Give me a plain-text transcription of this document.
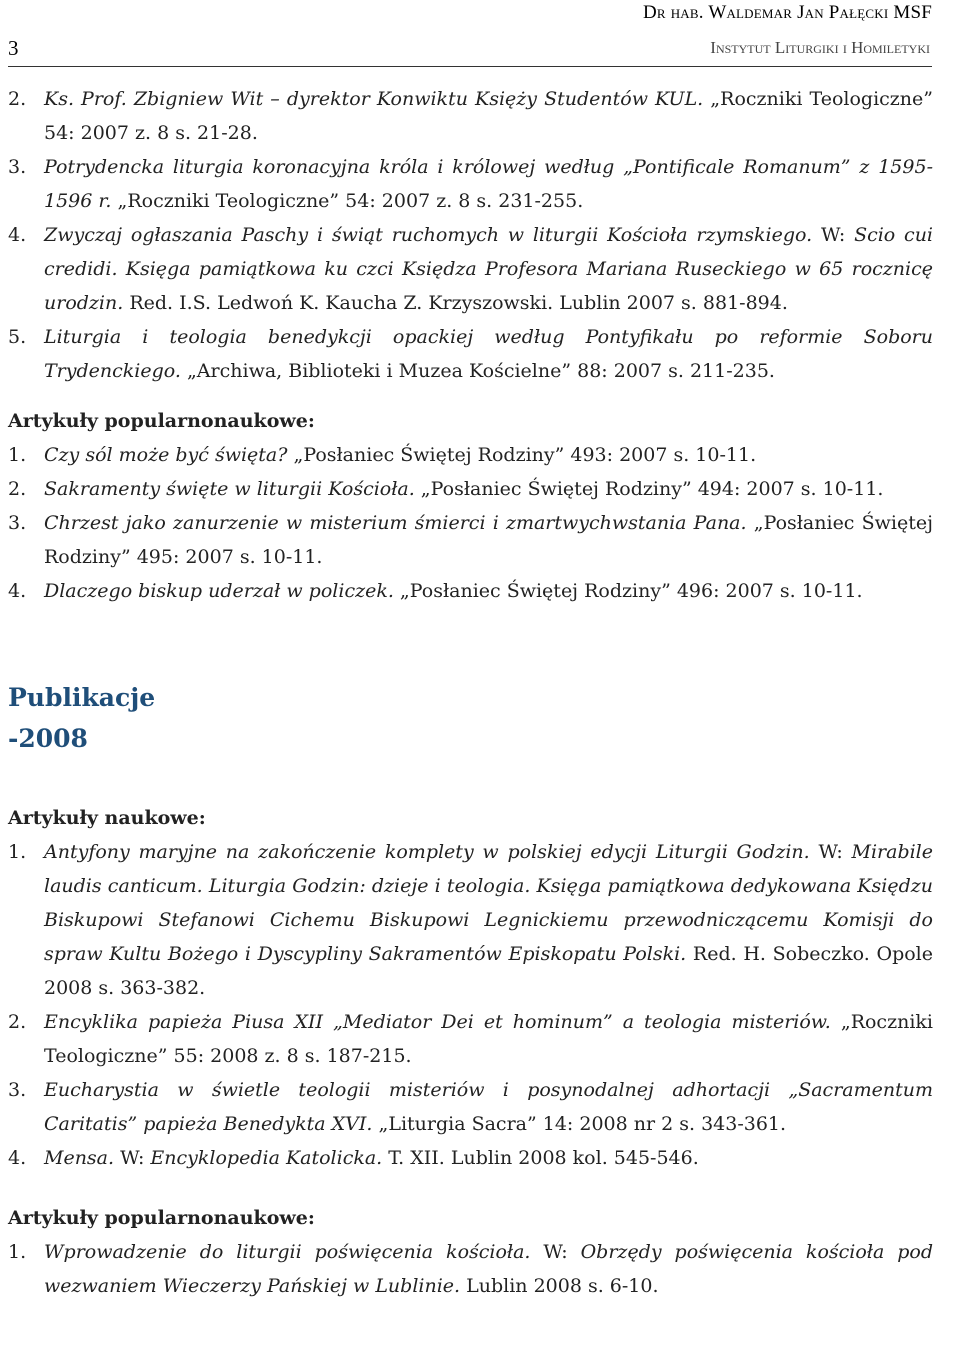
Dr hab. Waldemar Jan Pałęcki MSF
3	Instytut Liturgiki i Homiletyki
2. Ks. Prof. Zbigniew Wit – dyrektor Konwiktu Księży Studentów KUL. „Roczniki Teologiczne” 54: 2007 z. 8 s. 21-28.
3. Potrydencka liturgia koronacyjna króla i królowej według „Pontificale Romanum” z 1595-1596 r. „Roczniki Teologiczne” 54: 2007 z. 8 s. 231-255.
4. Zwyczaj ogłaszania Paschy i świąt ruchomych w liturgii Kościoła rzymskiego. W: Scio cui credidi. Księga pamiątkowa ku czci Księdza Profesora Mariana Ruseckiego w 65 rocznicę urodzin. Red. I.S. Ledwoń K. Kaucha Z. Krzyszowski. Lublin 2007 s. 881-894.
5. Liturgia i teologia benedykcji opackiej według Pontyfikału po reformie Soboru Trydenckiego. „Archiwa, Biblioteki i Muzea Kościelne” 88: 2007 s. 211-235.
Artykuły popularnonaukowe:
1. Czy sól może być święta? „Posłaniec Świętej Rodziny” 493: 2007 s. 10-11.
2. Sakramenty święte w liturgii Kościoła. „Posłaniec Świętej Rodziny” 494: 2007 s. 10-11.
3. Chrzest jako zanurzenie w misterium śmierci i zmartwychwstania Pana. „Posłaniec Świętej Rodziny” 495: 2007 s. 10-11.
4. Dlaczego biskup uderzał w policzek. „Posłaniec Świętej Rodziny” 496: 2007 s. 10-11.
Publikacje
-2008
Artykuły naukowe:
1. Antyfony maryjne na zakończenie komplety w polskiej edycji Liturgii Godzin. W: Mirabile laudis canticum. Liturgia Godzin: dzieje i teologia. Księga pamiątkowa dedykowana Księdzu Biskupowi Stefanowi Cichemu Biskupowi Legnickiemu przewodniczącemu Komisji do spraw Kultu Bożego i Dyscypliny Sakramentów Episkopatu Polski. Red. H. Sobeczko. Opole 2008 s. 363-382.
2. Encyklika papieża Piusa XII „Mediator Dei et hominum” a teologia misteriów. „Roczniki Teologiczne” 55: 2008 z. 8 s. 187-215.
3. Eucharystia w świetle teologii misteriów i posynodalnej adhortacji „Sacramentum Caritatis” papieża Benedykta XVI. „Liturgia Sacra” 14: 2008 nr 2 s. 343-361.
4. Mensa. W: Encyklopedia Katolicka. T. XII. Lublin 2008 kol. 545-546.
Artykuły popularnonaukowe:
1. Wprowadzenie do liturgii poświęcenia kościoła. W: Obrzędy poświęcenia kościoła pod wezwaniem Wieczerzy Pańskiej w Lublinie. Lublin 2008 s. 6-10.
